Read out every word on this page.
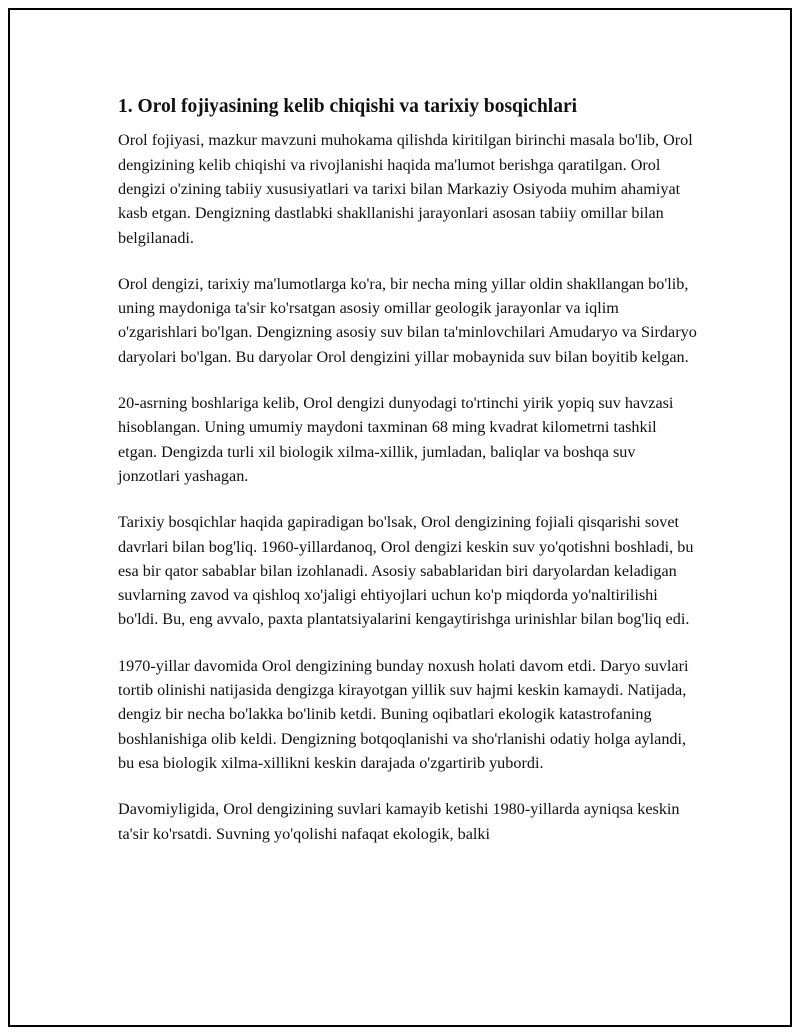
1. Orol fojiyasining kelib chiqishi va tarixiy bosqichlari

Orol fojiyasi, mazkur mavzuni muhokama qilishda kiritilgan birinchi masala bo'lib, Orol dengizining kelib chiqishi va rivojlanishi haqida ma'lumot berishga qaratilgan. Orol dengizi o'zining tabiiy xususiyatlari va tarixi bilan Markaziy Osiyoda muhim ahamiyat kasb etgan. Dengizning dastlabki shakllanishi jarayonlari asosan tabiiy omillar bilan belgilanadi.

Orol dengizi, tarixiy ma'lumotlarga ko'ra, bir necha ming yillar oldin shakllangan bo'lib, uning maydoniga ta'sir ko'rsatgan asosiy omillar geologik jarayonlar va iqlim o'zgarishlari bo'lgan. Dengizning asosiy suv bilan ta'minlovchilari Amudaryo va Sirdaryo daryolari bo'lgan. Bu daryolar Orol dengizini yillar mobaynida suv bilan boyitib kelgan.

20-asrning boshlariga kelib, Orol dengizi dunyodagi to'rtinchi yirik yopiq suv havzasi hisoblangan. Uning umumiy maydoni taxminan 68 ming kvadrat kilometrni tashkil etgan. Dengizda turli xil biologik xilma-xillik, jumladan, baliqlar va boshqa suv jonzotlari yashagan.

Tarixiy bosqichlar haqida gapiradigan bo'lsak, Orol dengizining fojiali qisqarishi sovet davrlari bilan bog'liq. 1960-yillardanoq, Orol dengizi keskin suv yo'qotishni boshladi, bu esa bir qator sabablar bilan izohlanadi. Asosiy sabablaridan biri daryolardan keladigan suvlarning zavod va qishloq xo'jaligi ehtiyojlari uchun ko'p miqdorda yo'naltirilishi bo'ldi. Bu, eng avvalo, paxta plantatsiyalarini kengaytirishga urinishlar bilan bog'liq edi.

1970-yillar davomida Orol dengizining bunday noxush holati davom etdi. Daryo suvlari tortib olinishi natijasida dengizga kirayotgan yillik suv hajmi keskin kamaydi. Natijada, dengiz bir necha bo'lakka bo'linib ketdi. Buning oqibatlari ekologik katastrofaning boshlanishiga olib keldi. Dengizning botqoqlanishi va sho'rlanishi odatiy holga aylandi, bu esa biologik xilma-xillikni keskin darajada o'zgartirib yubordi.

Davomiyligida, Orol dengizining suvlari kamayib ketishi 1980-yillarda ayniqsa keskin ta'sir ko'rsatdi. Suvning yo'qolishi nafaqat ekologik, balki
